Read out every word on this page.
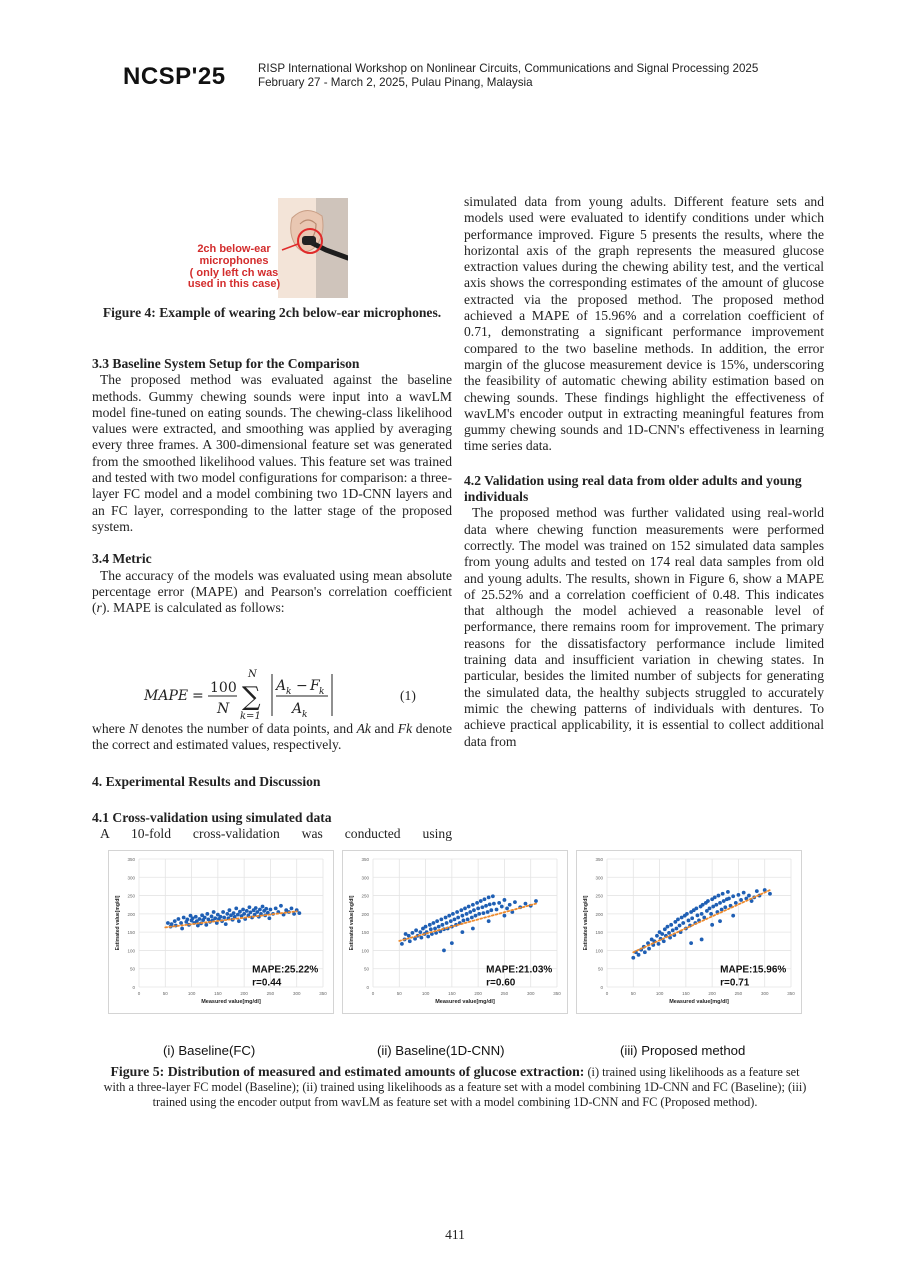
NCSP'25	RISP International Workshop on Nonlinear Circuits, Communications and Signal Processing 2025
February 27 - March 2, 2025, Pulau Pinang, Malaysia
2ch below-ear
microphones
( only left ch was
used in this case)
Figure 4: Example of wearing 2ch below-ear microphones.

3.3 Baseline System Setup for the Comparison

The proposed method was evaluated against the baseline methods. Gummy chewing sounds were input into a wavLM model fine-tuned on eating sounds. The chewing-class likelihood values were extracted, and smoothing was applied by averaging every three frames. A 300-dimensional feature set was generated from the smoothed likelihood values. This feature set was trained and tested with two model configurations for comparison: a three-layer FC model and a model combining two 1D-CNN layers and an FC layer, corresponding to the latter stage of the proposed system.

3.4 Metric

The accuracy of the models was evaluated using mean absolute percentage error (MAPE) and Pearson's correlation coefficient (r). MAPE is calculated as follows:

MAPE = 100
N ∑
N
k=1
A k − F k
A k
(1)

where N denotes the number of data points, and Ak and Fk denote the correct and estimated values, respectively.

4. Experimental Results and Discussion

4.1 Cross-validation using simulated data

A 10-fold cross-validation was conducted using

simulated data from young adults. Different feature sets and models used were evaluated to identify conditions under which performance improved. Figure 5 presents the results, where the horizontal axis of the graph represents the measured glucose extraction values during the chewing ability test, and the vertical axis shows the corresponding estimates of the amount of glucose extracted via the proposed method. The proposed method achieved a MAPE of 15.96% and a correlation coefficient of 0.71, demonstrating a significant performance improvement compared to the two baseline methods. In addition, the error margin of the glucose measurement device is 15%, underscoring the feasibility of automatic chewing ability estimation based on chewing sounds. These findings highlight the effectiveness of wavLM's encoder output in extracting meaningful features from gummy chewing sounds and 1D-CNN's effectiveness in learning time series data.

4.2 Validation using real data from older adults and young individuals

The proposed method was further validated using real-world data where chewing function measurements were performed correctly. The model was trained on 152 simulated data samples from young adults and tested on 174 real data samples from old and young adults. The results, shown in Figure 6, show a MAPE of 25.52% and a correlation coefficient of 0.48. This indicates that although the model achieved a reasonable level of performance, there remains room for improvement. The primary reasons for the dissatisfactory performance include limited training data and insufficient variation in chewing states. In particular, besides the limited number of subjects for generating the simulated data, the healthy subjects struggled to accurately mimic the chewing patterns of individuals with dentures. To achieve practical applicability, it is essential to collect additional data from

0
50
100
150
200
250
300
350
0	50	100	150	200	250	300	350
Measured value[mg/dl]
Estimated value[mg/dl]
MAPE:25.22%
r=0.44	0
50
100
150
200
250
300
350
0	50	100	150	200	250	300	350
Measured value[mg/dl]
Estimated value[mg/dl]
MAPE:21.03%
r=0.60	0
50
100
150
200
250
300
350
0	50	100	150	200	250	300	350
Measured value[mg/dl]
Estimated value[mg/dl]
MAPE:15.96%
r=0.71
(i) Baseline(FC)	(ii) Baseline(1D-CNN)	(iii) Proposed method
Figure 5: Distribution of measured and estimated amounts of glucose extraction: (i) trained using likelihoods as a feature set with a three-layer FC model (Baseline); (ii) trained using likelihoods as a feature set with a model combining 1D-CNN and FC (Baseline); (iii) trained using the encoder output from wavLM as feature set with a model combining 1D-CNN and FC (Proposed method).
411
